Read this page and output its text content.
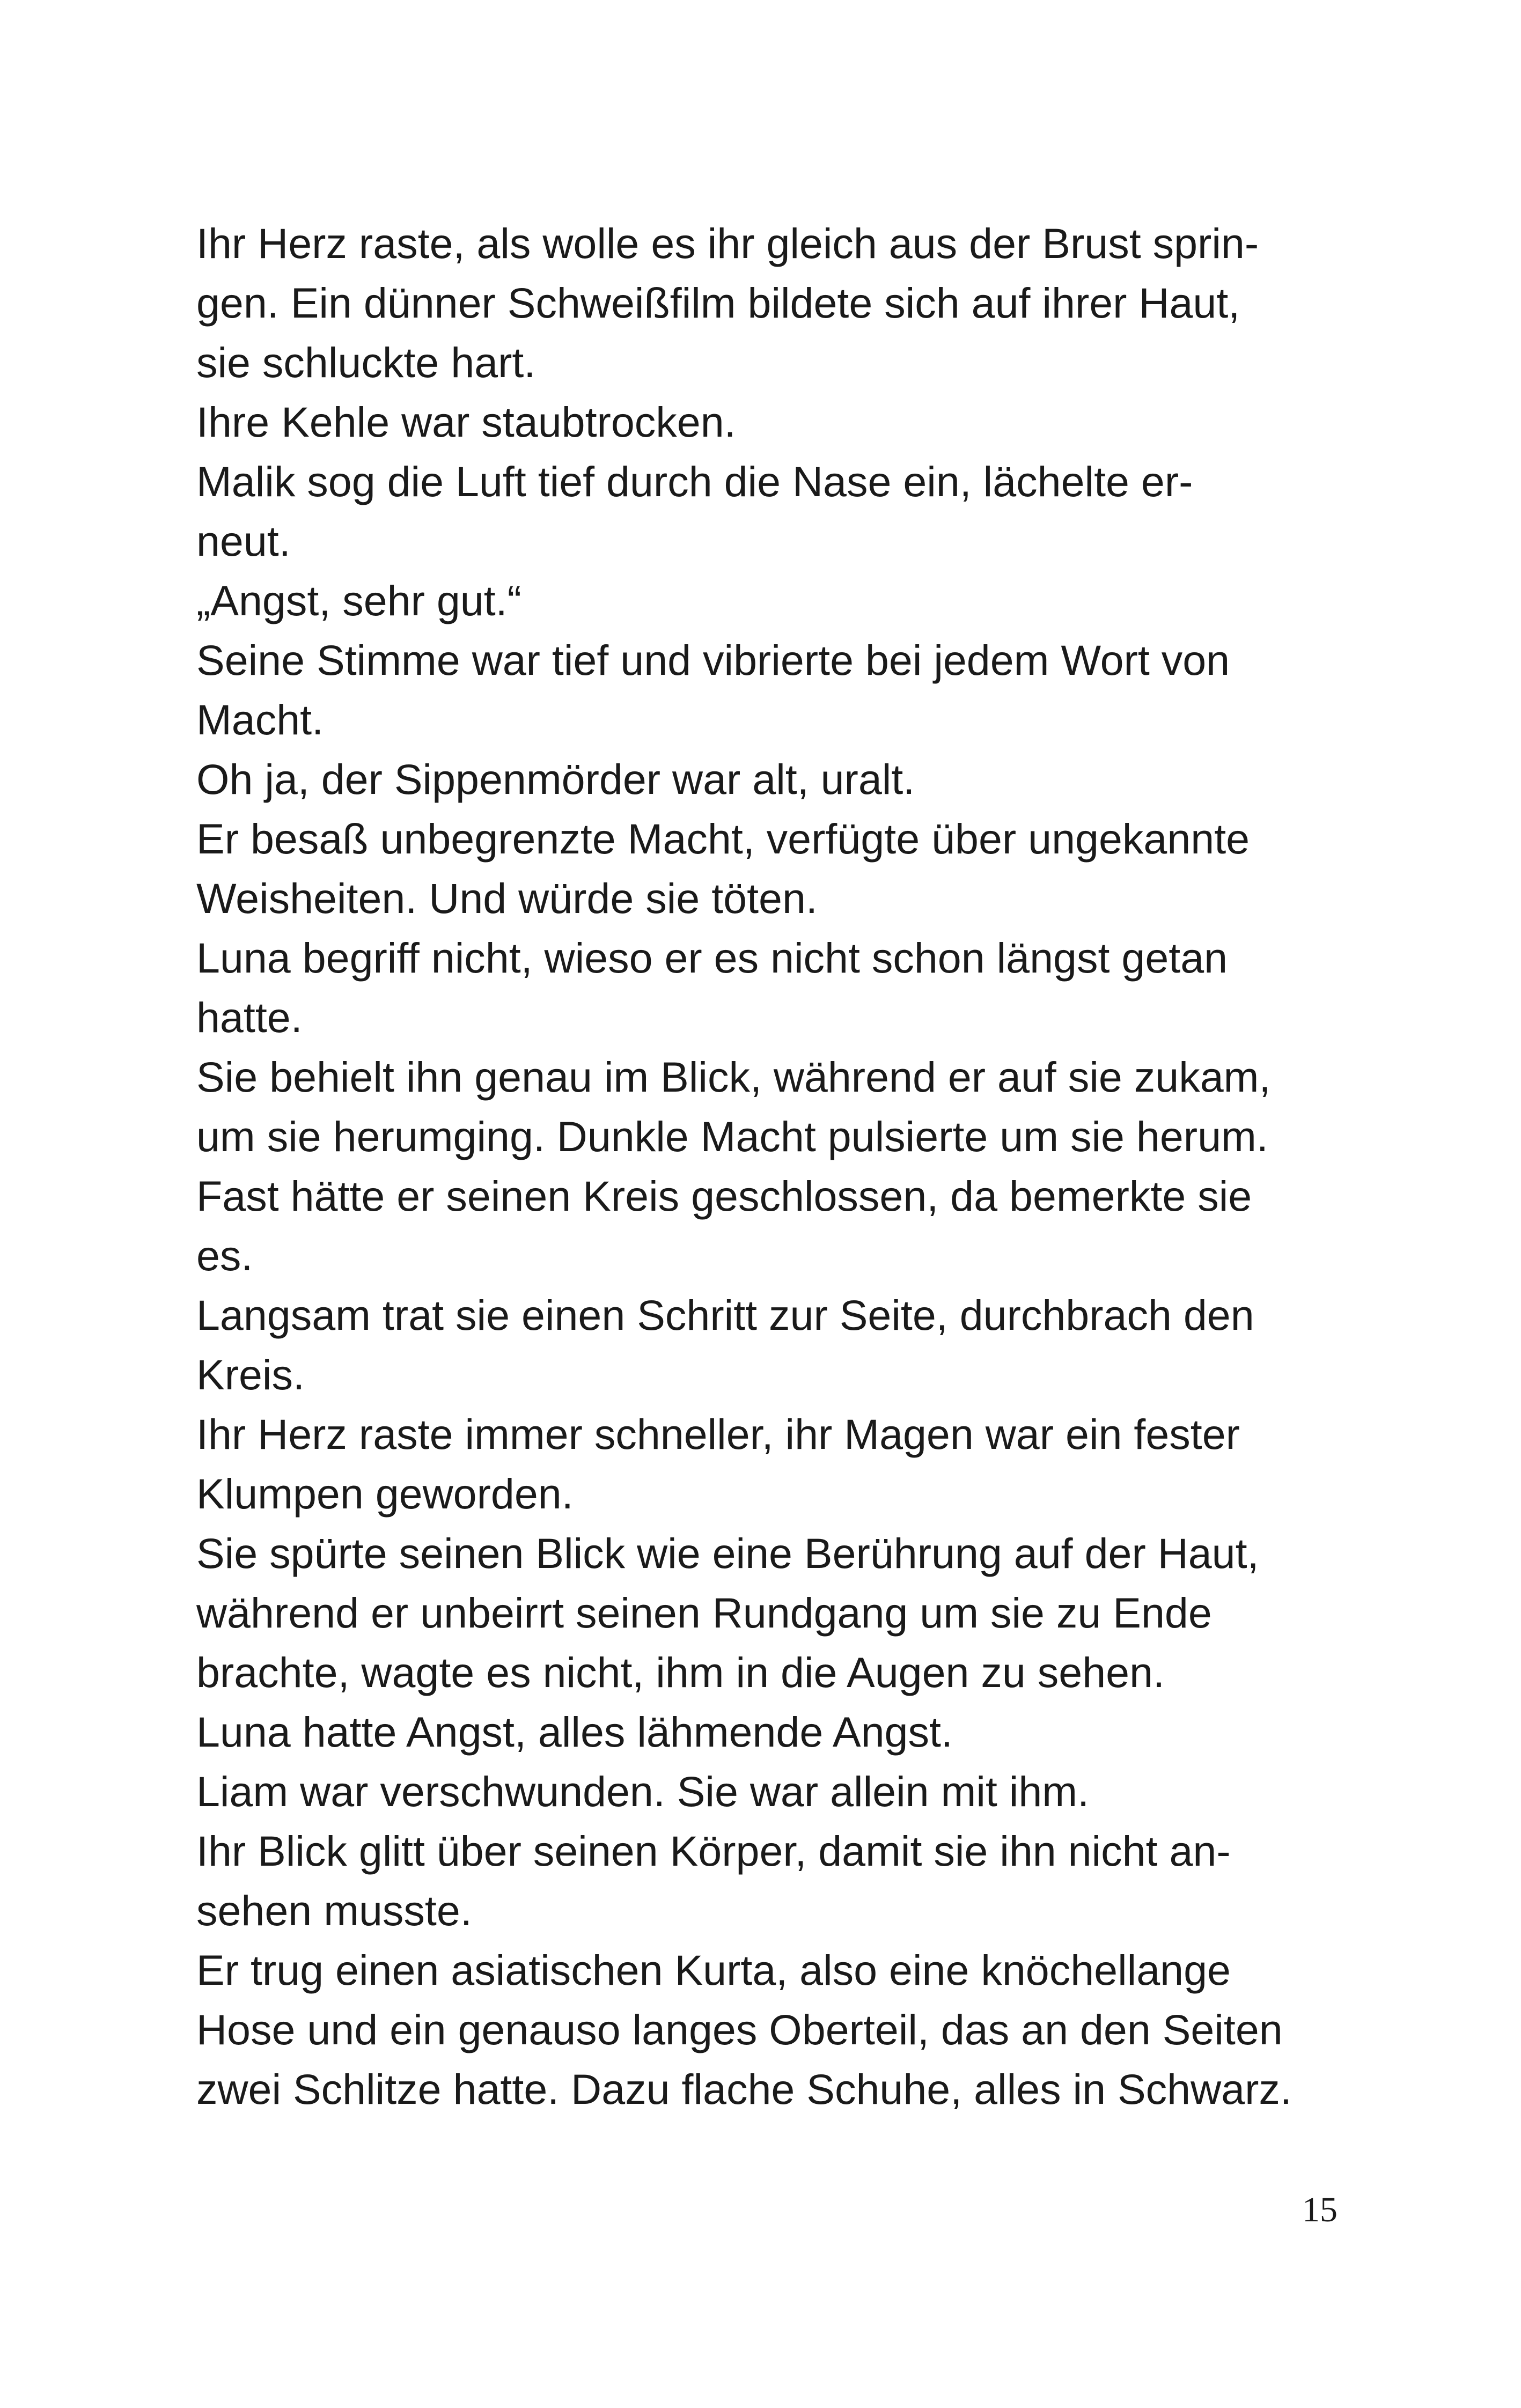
Ihr Herz raste, als wolle es ihr gleich aus der Brust sprin-
gen. Ein dünner Schweißfilm bildete sich auf ihrer Haut,
sie schluckte hart.
Ihre Kehle war staubtrocken.
Malik sog die Luft tief durch die Nase ein, lächelte er-
neut.
„Angst, sehr gut.“
Seine Stimme war tief und vibrierte bei jedem Wort von
Macht.
Oh ja, der Sippenmörder war alt, uralt.
Er besaß unbegrenzte Macht, verfügte über ungekannte
Weisheiten. Und würde sie töten.
Luna begriff nicht, wieso er es nicht schon längst getan
hatte.
Sie behielt ihn genau im Blick, während er auf sie zukam,
um sie herumging. Dunkle Macht pulsierte um sie herum.
Fast hätte er seinen Kreis geschlossen, da bemerkte sie
es.
Langsam trat sie einen Schritt zur Seite, durchbrach den
Kreis.
Ihr Herz raste immer schneller, ihr Magen war ein fester
Klumpen geworden.
Sie spürte seinen Blick wie eine Berührung auf der Haut,
während er unbeirrt seinen Rundgang um sie zu Ende
brachte, wagte es nicht, ihm in die Augen zu sehen.
Luna hatte Angst, alles lähmende Angst.
Liam war verschwunden. Sie war allein mit ihm.
Ihr Blick glitt über seinen Körper, damit sie ihn nicht an-
sehen musste.
Er trug einen asiatischen Kurta, also eine knöchellange
Hose und ein genauso langes Oberteil, das an den Seiten
zwei Schlitze hatte. Dazu flache Schuhe, alles in Schwarz.
15
